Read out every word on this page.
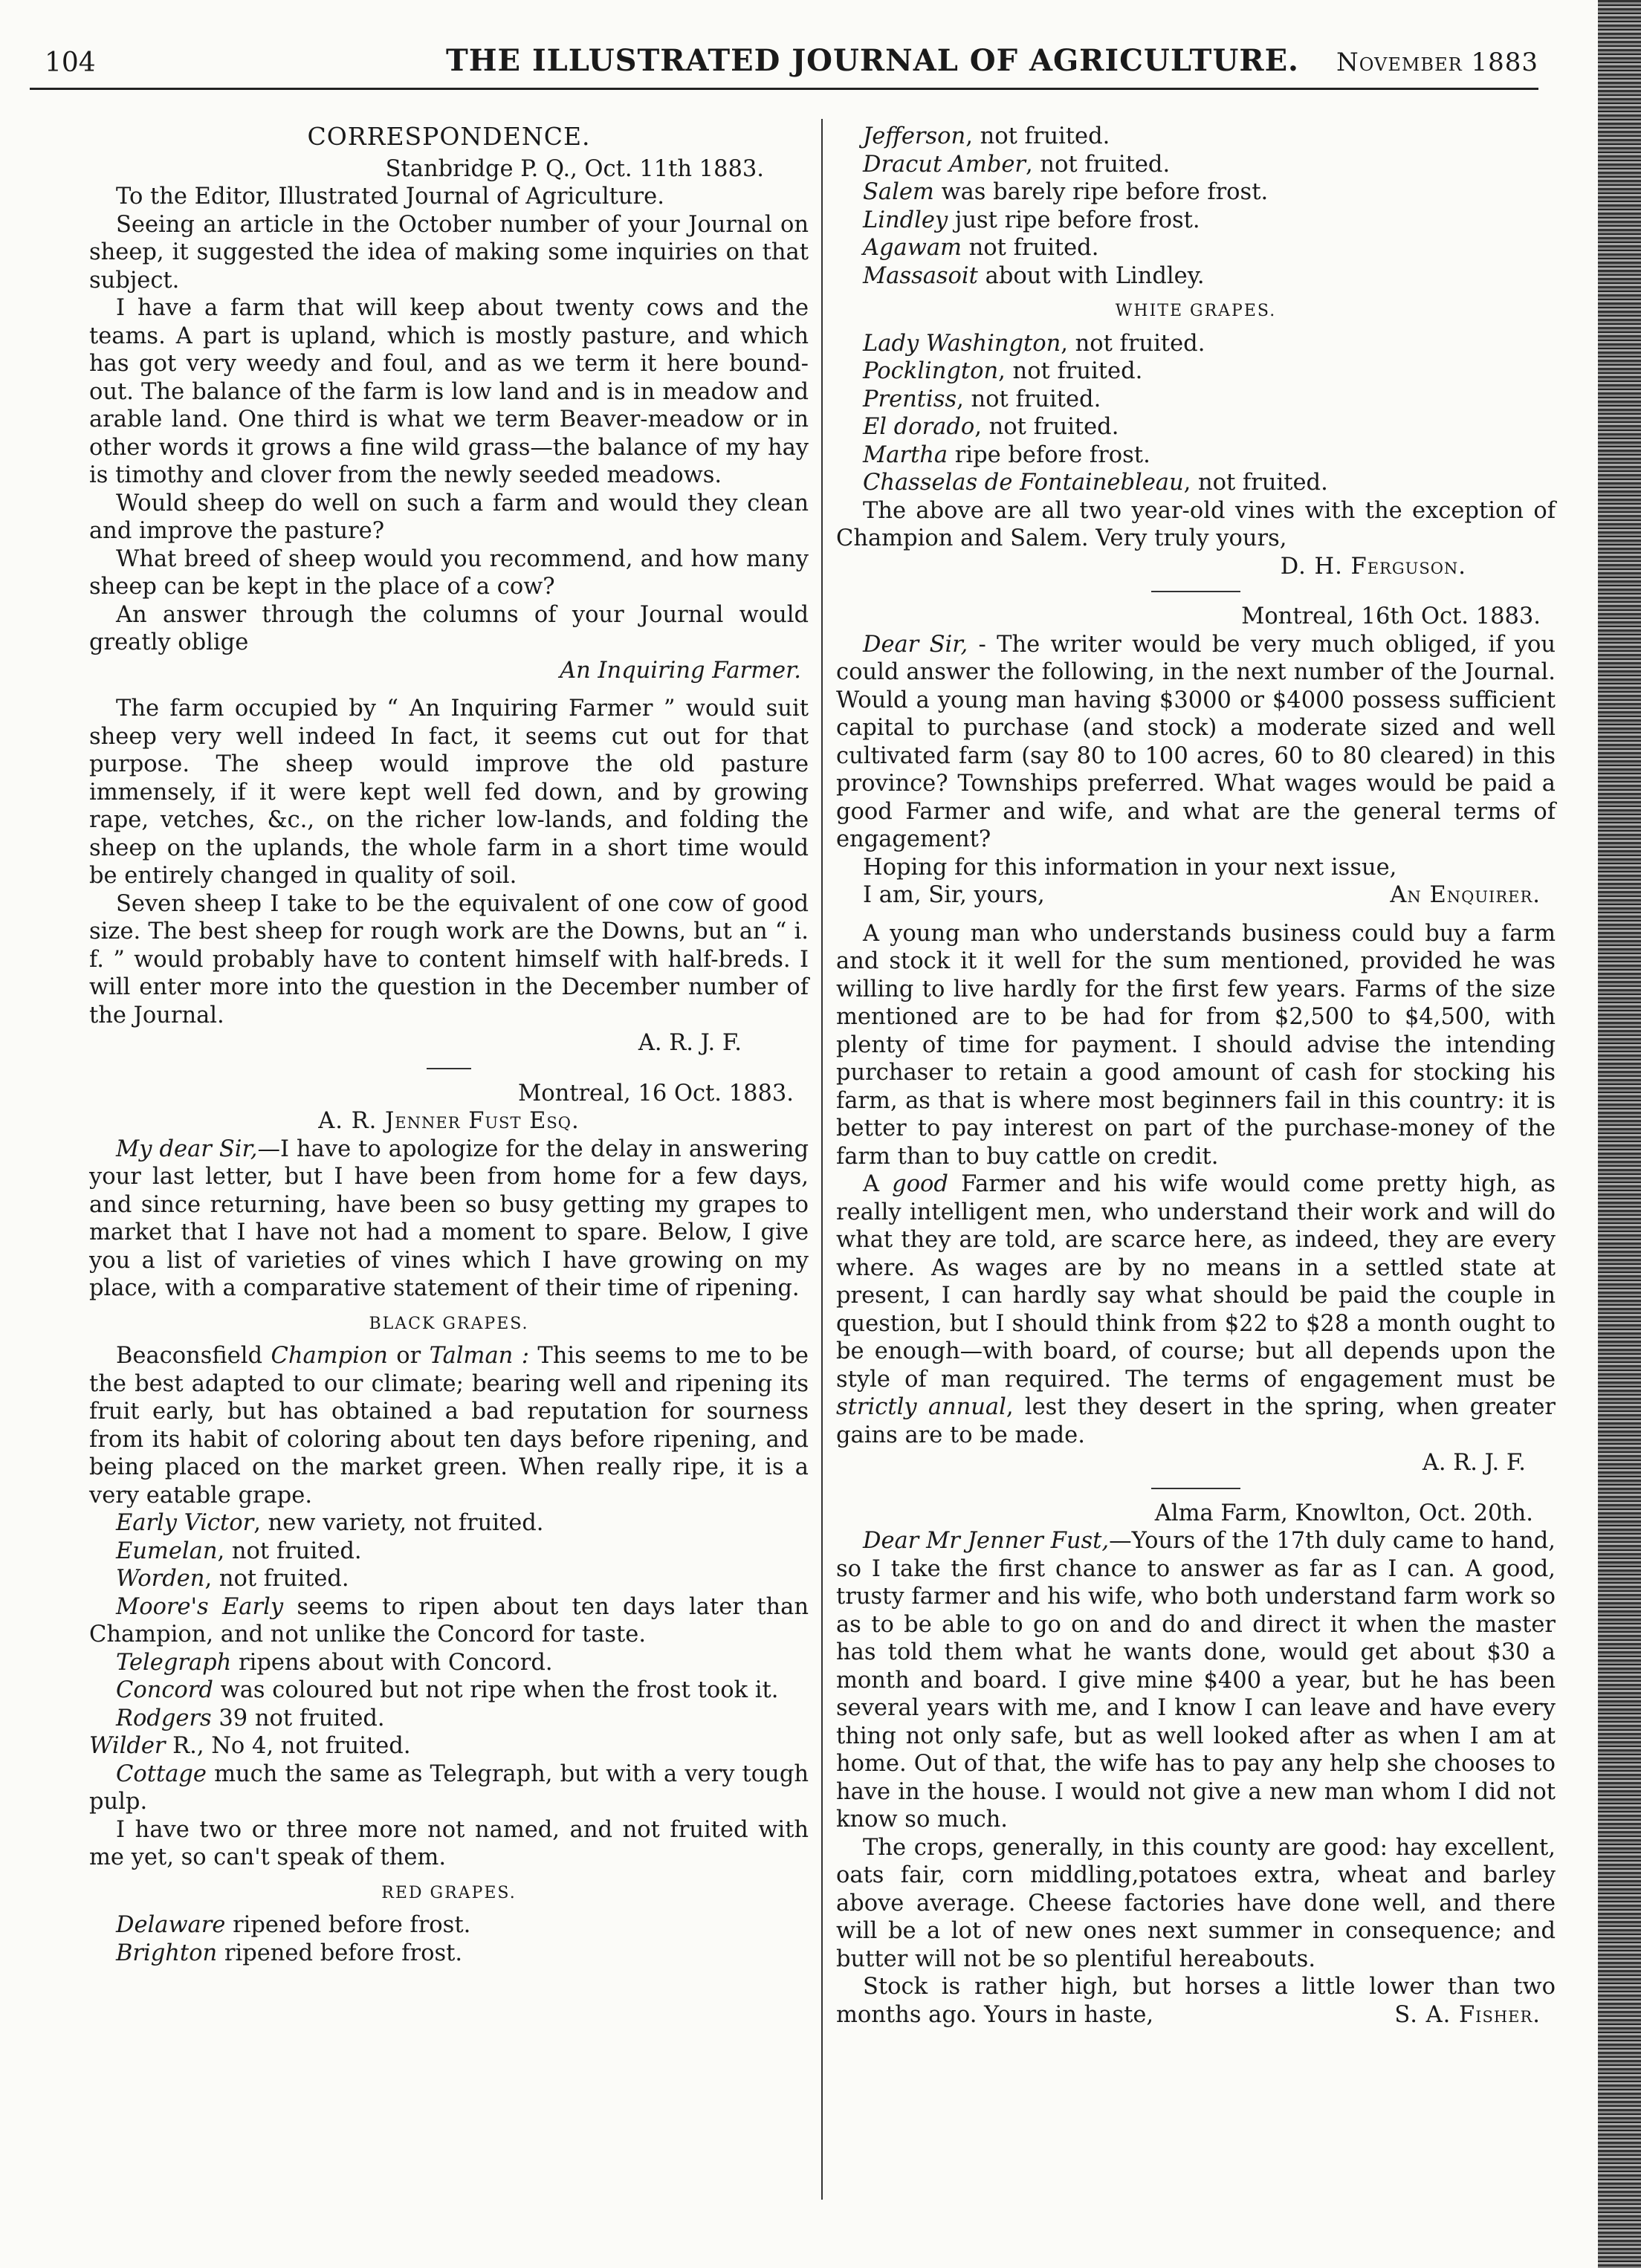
104	THE ILLUSTRATED JOURNAL OF AGRICULTURE. November 1883
CORRESPONDENCE.

Stanbridge P. Q., Oct. 11th 1883.

To the Editor, Illustrated Journal of Agriculture.

Seeing an article in the October number of your Journal on sheep, it suggested the idea of making some inquiries on that subject.

I have a farm that will keep about twenty cows and the teams. A part is upland, which is mostly pasture, and which has got very weedy and foul, and as we term it here bound-out. The balance of the farm is low land and is in meadow and arable land. One third is what we term Beaver-meadow or in other words it grows a fine wild grass—the balance of my hay is timothy and clover from the newly seeded meadows.

Would sheep do well on such a farm and would they clean and improve the pasture?

What breed of sheep would you recommend, and how many sheep can be kept in the place of a cow?

An answer through the columns of your Journal would greatly oblige

An Inquiring Farmer.

The farm occupied by “ An Inquiring Farmer ” would suit sheep very well indeed In fact, it seems cut out for that purpose. The sheep would improve the old pasture immensely, if it were kept well fed down, and by growing rape, vetches, &c., on the richer low-lands, and folding the sheep on the uplands, the whole farm in a short time would be entirely changed in quality of soil.

Seven sheep I take to be the equivalent of one cow of good size. The best sheep for rough work are the Downs, but an “ i. f. ” would probably have to content himself with half-breds. I will enter more into the question in the December number of the Journal.

A. R. J. F.

Montreal, 16 Oct. 1883.

A. R. Jenner Fust Esq.

My dear Sir,—I have to apologize for the delay in answering your last letter, but I have been from home for a few days, and since returning, have been so busy getting my grapes to market that I have not had a moment to spare. Below, I give you a list of varieties of vines which I have growing on my place, with a comparative statement of their time of ripening.

BLACK GRAPES.

Beaconsfield Champion or Talman : This seems to me to be the best adapted to our climate; bearing well and ripening its fruit early, but has obtained a bad reputation for sourness from its habit of coloring about ten days before ripening, and being placed on the market green. When really ripe, it is a very eatable grape.

Early Victor, new variety, not fruited.

Eumelan, not fruited.

Worden, not fruited.

Moore's Early seems to ripen about ten days later than Champion, and not unlike the Concord for taste.

Telegraph ripens about with Concord.

Concord was coloured but not ripe when the frost took it.

Rodgers 39 not fruited.

Wilder R., No 4, not fruited.

Cottage much the same as Telegraph, but with a very tough pulp.

I have two or three more not named, and not fruited with me yet, so can't speak of them.

RED GRAPES.

Delaware ripened before frost.

Brighton ripened before frost.

Jefferson, not fruited.

Dracut Amber, not fruited.

Salem was barely ripe before frost.

Lindley just ripe before frost.

Agawam not fruited.

Massasoit about with Lindley.

WHITE GRAPES.

Lady Washington, not fruited.

Pocklington, not fruited.

Prentiss, not fruited.

El dorado, not fruited.

Martha ripe before frost.

Chasselas de Fontainebleau, not fruited.

The above are all two year-old vines with the exception of Champion and Salem. Very truly yours,

D. H. Ferguson.

Montreal, 16th Oct. 1883.

Dear Sir, - The writer would be very much obliged, if you could answer the following, in the next number of the Journal. Would a young man having $3000 or $4000 possess sufficient capital to purchase (and stock) a moderate sized and well cultivated farm (say 80 to 100 acres, 60 to 80 cleared) in this province? Townships preferred. What wages would be paid a good Farmer and wife, and what are the general terms of engagement?

Hoping for this information in your next issue,

I am, Sir, yours,	An Enquirer.

A young man who understands business could buy a farm and stock it it well for the sum mentioned, provided he was willing to live hardly for the first few years. Farms of the size mentioned are to be had for from $2,500 to $4,500, with plenty of time for payment. I should advise the intending purchaser to retain a good amount of cash for stocking his farm, as that is where most beginners fail in this country: it is better to pay interest on part of the purchase-money of the farm than to buy cattle on credit.

A good Farmer and his wife would come pretty high, as really intelligent men, who understand their work and will do what they are told, are scarce here, as indeed, they are every where. As wages are by no means in a settled state at present, I can hardly say what should be paid the couple in question, but I should think from $22 to $28 a month ought to be enough—with board, of course; but all depends upon the style of man required. The terms of engagement must be strictly annual, lest they desert in the spring, when greater gains are to be made.

A. R. J. F.

Alma Farm, Knowlton, Oct. 20th.

Dear Mr Jenner Fust,—Yours of the 17th duly came to hand, so I take the first chance to answer as far as I can. A good, trusty farmer and his wife, who both understand farm work so as to be able to go on and do and direct it when the master has told them what he wants done, would get about $30 a month and board. I give mine $400 a year, but he has been several years with me, and I know I can leave and have every thing not only safe, but as well looked after as when I am at home. Out of that, the wife has to pay any help she chooses to have in the house. I would not give a new man whom I did not know so much.

The crops, generally, in this county are good: hay excellent, oats fair, corn middling,potatoes extra, wheat and barley above average. Cheese factories have done well, and there will be a lot of new ones next summer in consequence; and butter will not be so plentiful hereabouts.

Stock is rather high, but horses a little lower than two months ago. Yours in haste,	S. A. Fisher.
